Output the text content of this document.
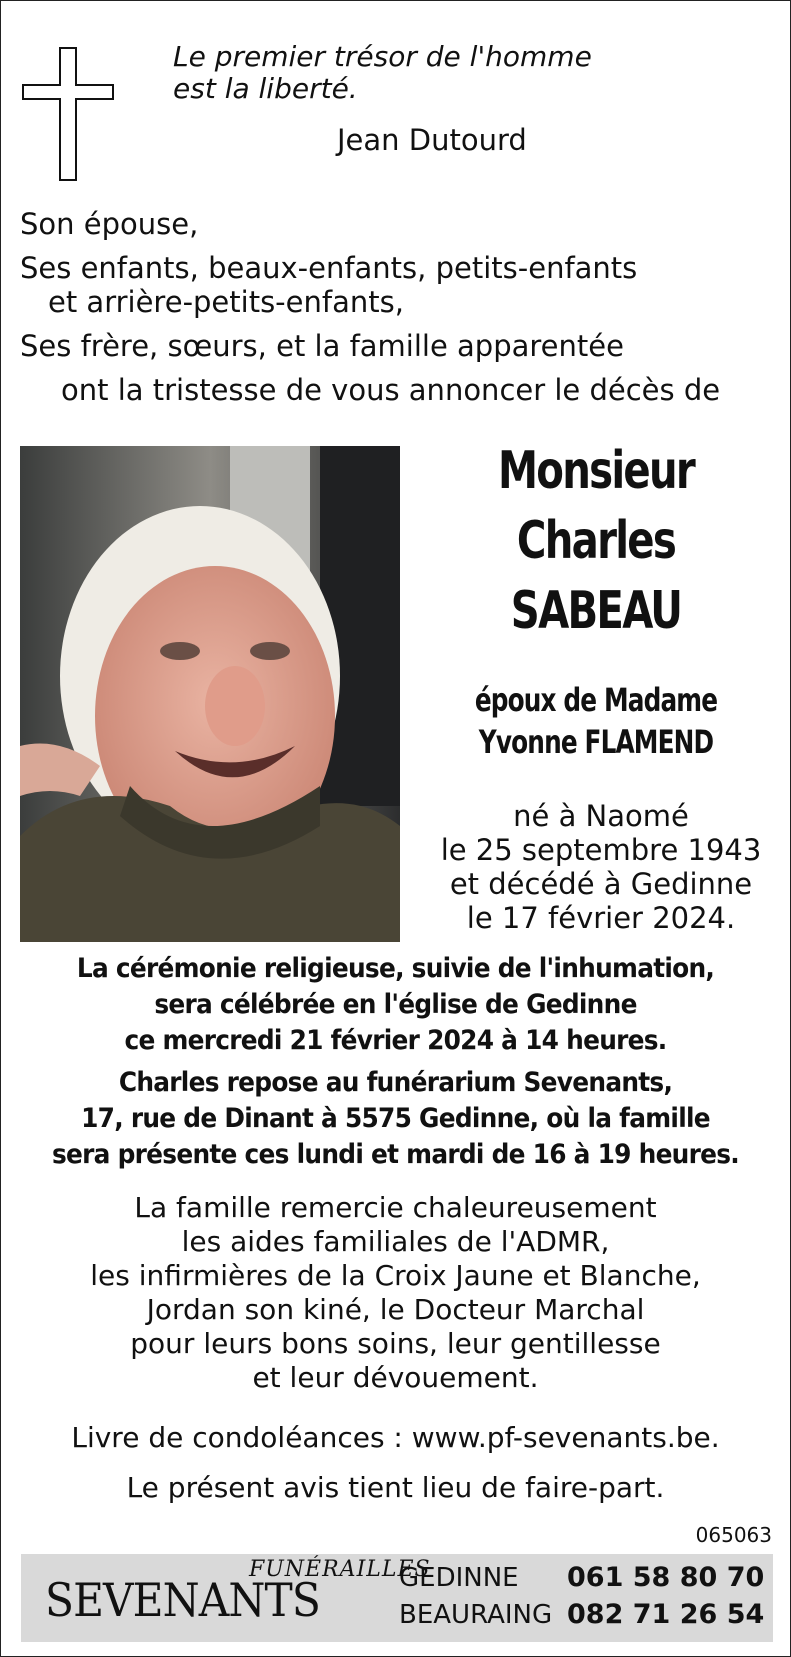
Le premier trésor de l'homme
est la liberté.
Jean Dutourd
Son épouse,
Ses enfants, beaux-enfants, petits-enfants
et arrière-petits-enfants,
Ses frère, sœurs, et la famille apparentée
ont la tristesse de vous annoncer le décès de
Monsieur
Charles
SABEAU
époux de Madame
Yvonne FLAMEND
né à Naomé
le 25 septembre 1943
et décédé à Gedinne
le 17 février 2024.
La cérémonie religieuse, suivie de l'inhumation,
sera célébrée en l'église de Gedinne
ce mercredi 21 février 2024 à 14 heures.
Charles repose au funérarium Sevenants,
17, rue de Dinant à 5575 Gedinne, où la famille
sera présente ces lundi et mardi de 16 à 19 heures.
La famille remercie chaleureusement
les aides familiales de l'ADMR,
les infirmières de la Croix Jaune et Blanche,
Jordan son kiné, le Docteur Marchal
pour leurs bons soins, leur gentillesse
et leur dévouement.
Livre de condoléances : www.pf-sevenants.be.
Le présent avis tient lieu de faire-part.
065063
FUNÉRAILLES
SEVENANTS	GEDINNE 061 58 80 70
BEAURAING 082 71 26 54
